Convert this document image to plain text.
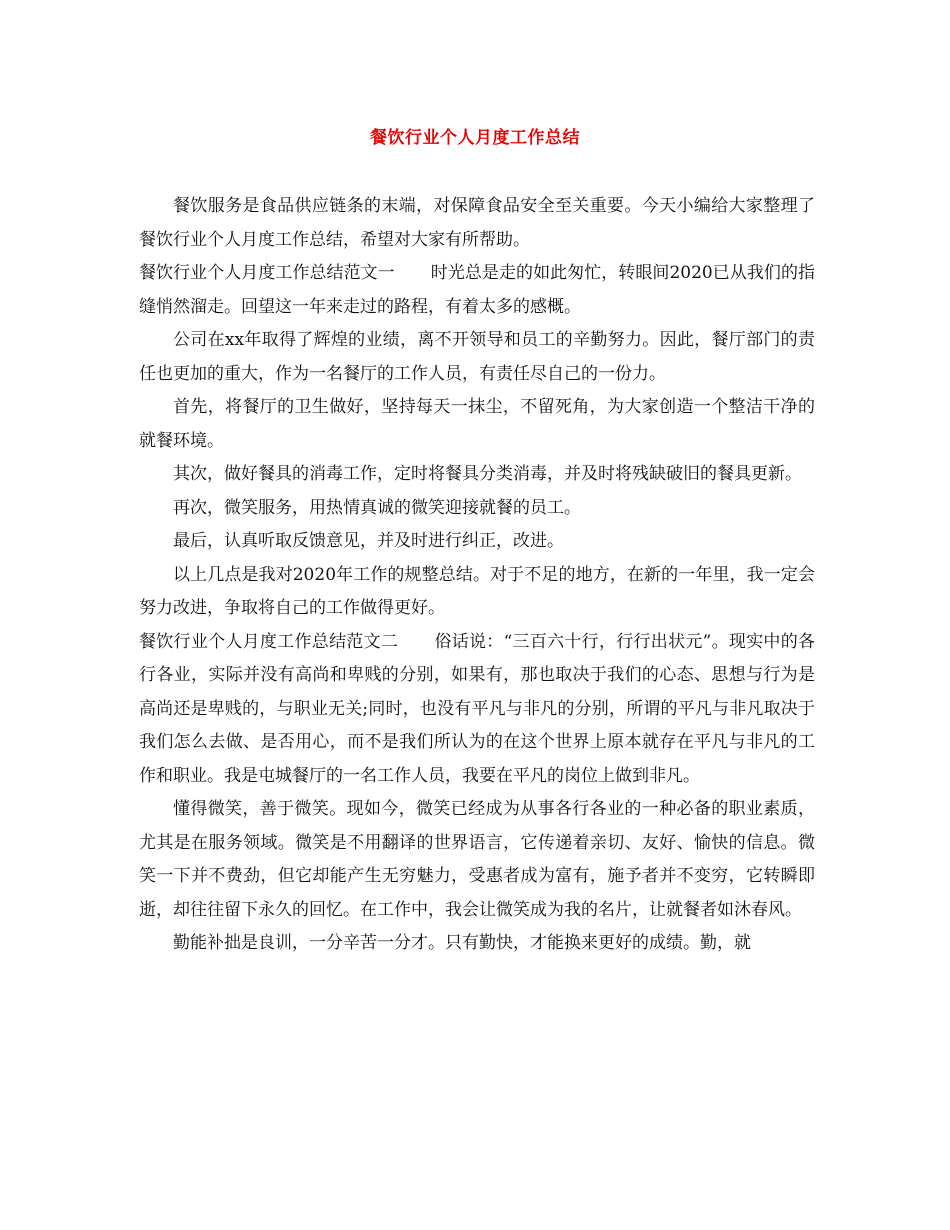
餐饮行业个人月度工作总结

餐饮服务是食品供应链条的末端，对保障食品安全至关重要。今天小编给大家整理了餐饮行业个人月度工作总结，希望对大家有所帮助。

餐饮行业个人月度工作总结范文一 时光总是走的如此匆忙，转眼间2020已从我们的指缝悄然溜走。回望这一年来走过的路程，有着太多的感概。

公司在xx年取得了辉煌的业绩，离不开领导和员工的辛勤努力。因此，餐厅部门的责任也更加的重大，作为一名餐厅的工作人员，有责任尽自己的一份力。

首先，将餐厅的卫生做好，坚持每天一抹尘，不留死角，为大家创造一个整洁干净的就餐环境。

其次，做好餐具的消毒工作，定时将餐具分类消毒，并及时将残缺破旧的餐具更新。

再次，微笑服务，用热情真诚的微笑迎接就餐的员工。

最后，认真听取反馈意见，并及时进行纠正，改进。

以上几点是我对2020年工作的规整总结。对于不足的地方，在新的一年里，我一定会努力改进，争取将自己的工作做得更好。

餐饮行业个人月度工作总结范文二 俗话说：“三百六十行，行行出状元”。现实中的各行各业，实际并没有高尚和卑贱的分别，如果有，那也取决于我们的心态、思想与行为是高尚还是卑贱的，与职业无关;同时，也没有平凡与非凡的分别，所谓的平凡与非凡取决于我们怎么去做、是否用心，而不是我们所认为的在这个世界上原本就存在平凡与非凡的工作和职业。我是屯城餐厅的一名工作人员，我要在平凡的岗位上做到非凡。

懂得微笑，善于微笑。现如今，微笑已经成为从事各行各业的一种必备的职业素质，尤其是在服务领域。微笑是不用翻译的世界语言，它传递着亲切、友好、愉快的信息。微笑一下并不费劲，但它却能产生无穷魅力，受惠者成为富有，施予者并不变穷，它转瞬即逝，却往往留下永久的回忆。在工作中，我会让微笑成为我的名片，让就餐者如沐春风。

勤能补拙是良训，一分辛苦一分才。只有勤快，才能换来更好的成绩。勤，就
